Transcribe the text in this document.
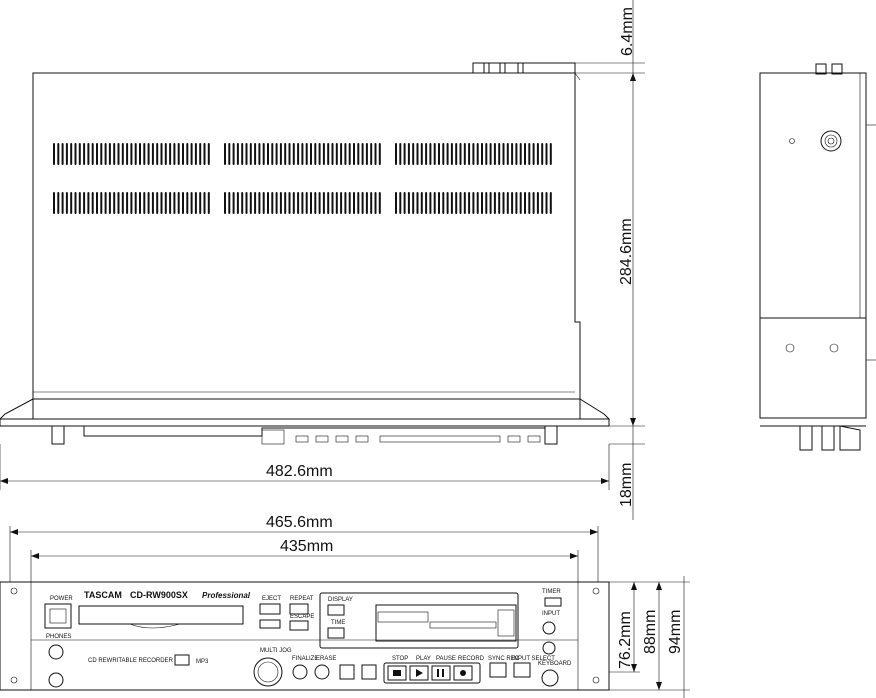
POWER
PHONES
TASCAM CD-RW900SX Professional
CD REWRITABLE RECORDER	MP3
EJECT REPEAT
ESCAPE
DISPLAY
TIME
MULTI JOG
FINALIZE
ERASE	STOP PLAY PAUSE RECORD SYNC REC
INPUT SELECT
TIMER
INPUT
KEYBOARD
6.4mm
284.6mm
18mm
482.6mm
465.6mm
435mm
76.2mm 88mm 94mm
